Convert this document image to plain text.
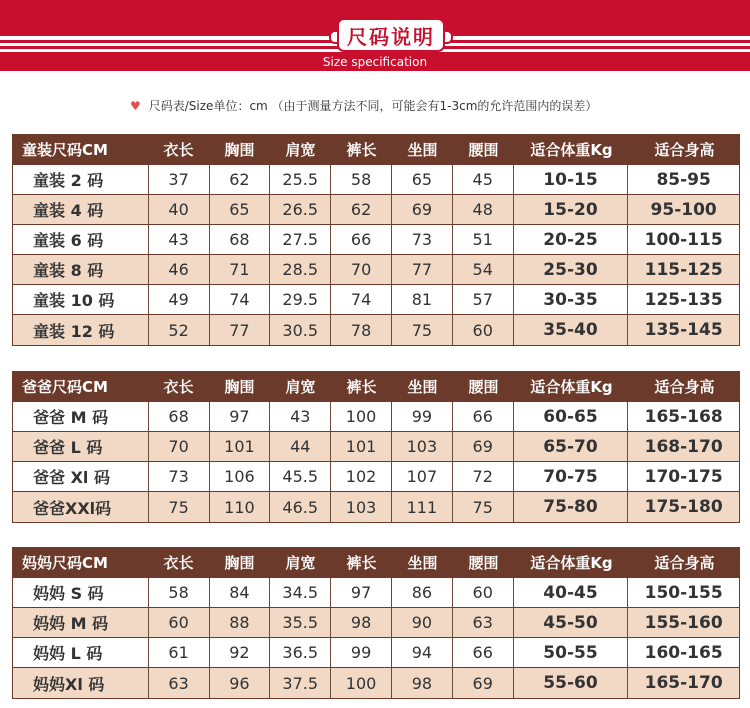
尺码说明
Size specification
♥ 尺码表/Size单位：cm （由于测量方法不同，可能会有1-3cm的允许范围内的误差）
童装尺码CM	衣长	胸围	肩宽	裤长	坐围	腰围	适合体重Kg	适合身高
童装 2 码	37	62	25.5	58	65	45	10-15	85-95
童装 4 码	40	65	26.5	62	69	48	15-20	95-100
童装 6 码	43	68	27.5	66	73	51	20-25	100-115
童装 8 码	46	71	28.5	70	77	54	25-30	115-125
童装 10 码	49	74	29.5	74	81	57	30-35	125-135
童装 12 码	52	77	30.5	78	75	60	35-40	135-145
爸爸尺码CM	衣长	胸围	肩宽	裤长	坐围	腰围	适合体重Kg	适合身高
爸爸 M 码	68	97	43	100	99	66	60-65	165-168
爸爸 L 码	70	101	44	101	103	69	65-70	168-170
爸爸 Xl 码	73	106	45.5	102	107	72	70-75	170-175
爸爸XXl码	75	110	46.5	103	111	75	75-80	175-180
妈妈尺码CM	衣长	胸围	肩宽	裤长	坐围	腰围	适合体重Kg	适合身高
妈妈 S 码	58	84	34.5	97	86	60	40-45	150-155
妈妈 M 码	60	88	35.5	98	90	63	45-50	155-160
妈妈 L 码	61	92	36.5	99	94	66	50-55	160-165
妈妈Xl 码	63	96	37.5	100	98	69	55-60	165-170
